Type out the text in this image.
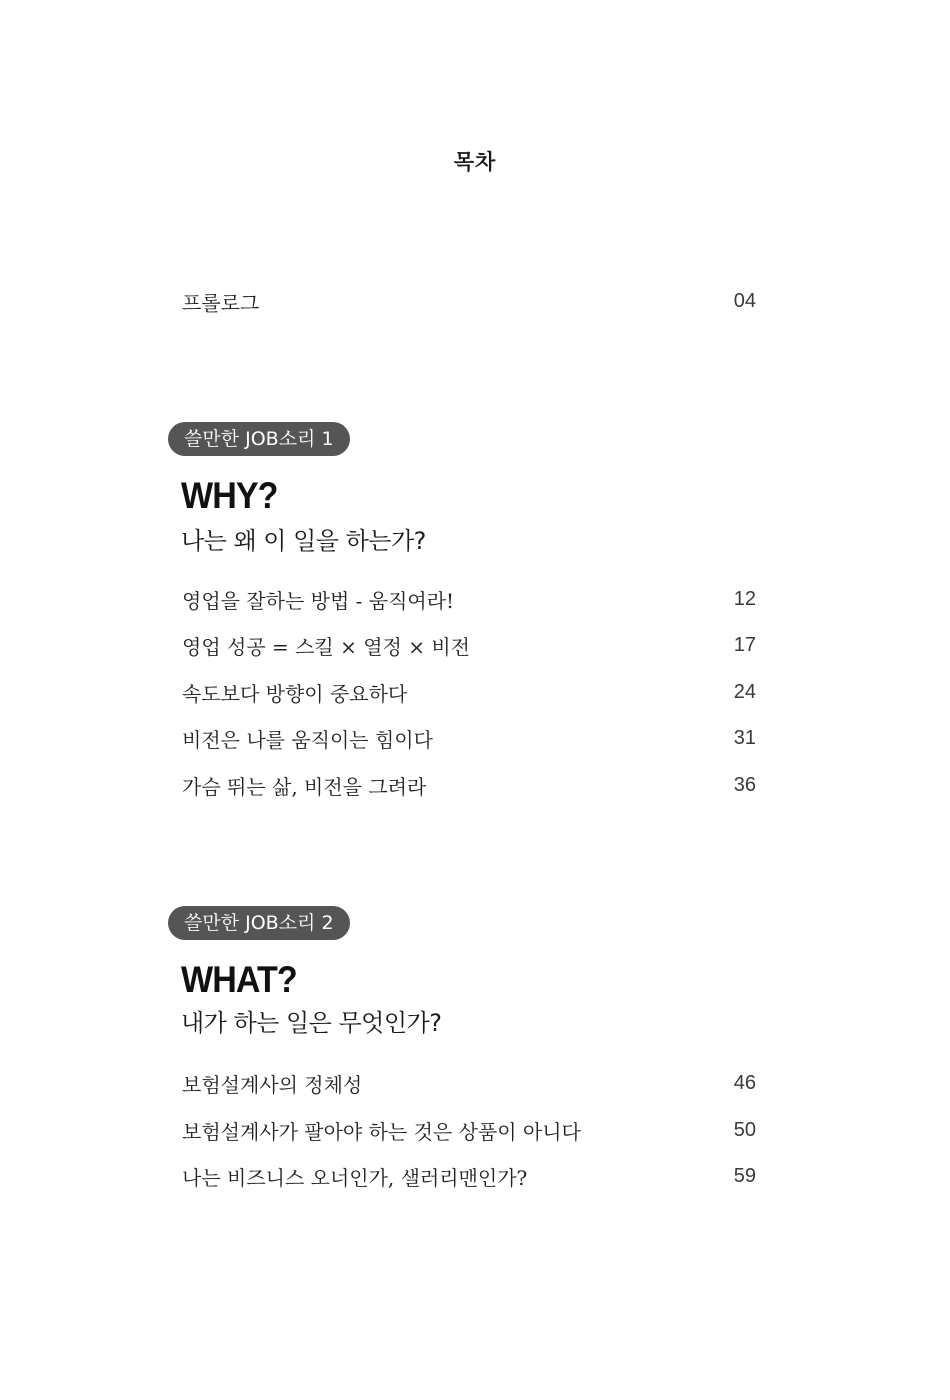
목차
프롤로그	04
쓸만한 JOB소리 1
WHY?
나는 왜 이 일을 하는가?
영업을 잘하는 방법 - 움직여라!	12
영업 성공 = 스킬 × 열정 × 비전	17
속도보다 방향이 중요하다	24
비전은 나를 움직이는 힘이다	31
가슴 뛰는 삶, 비전을 그려라	36
쓸만한 JOB소리 2
WHAT?
내가 하는 일은 무엇인가?
보험설계사의 정체성	46
보험설계사가 팔아야 하는 것은 상품이 아니다	50
나는 비즈니스 오너인가, 샐러리맨인가?	59
